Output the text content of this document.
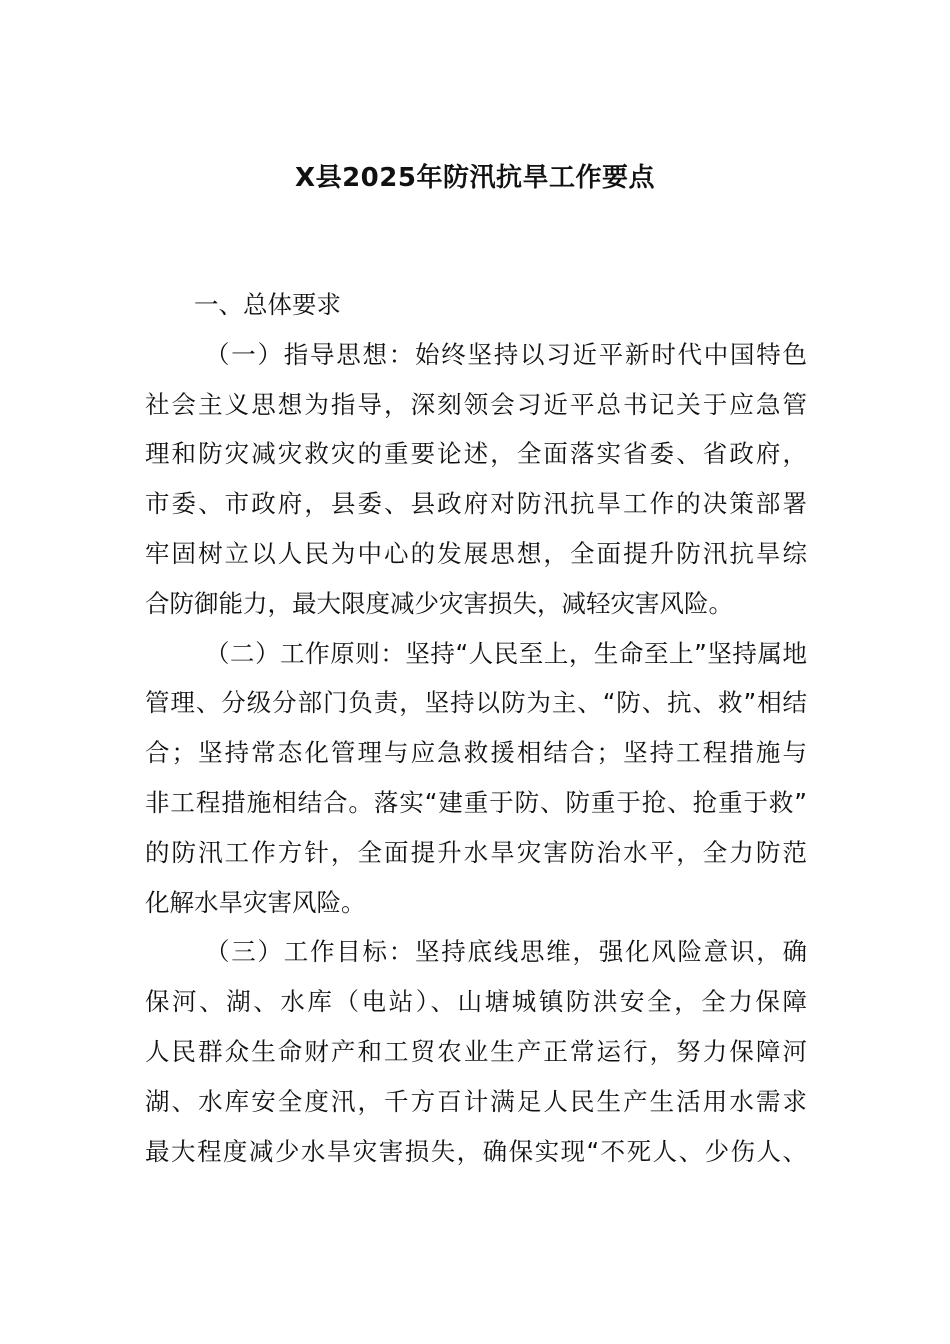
X县2025年防汛抗旱工作要点

一、总体要求

（一）指导思想：始终坚持以习近平新时代中国特色
社会主义思想为指导，深刻领会习近平总书记关于应急管
理和防灾减灾救灾的重要论述，全面落实省委、省政府，
市委、市政府，县委、县政府对防汛抗旱工作的决策部署
牢固树立以人民为中心的发展思想，全面提升防汛抗旱综
合防御能力，最大限度减少灾害损失，减轻灾害风险。
（二）工作原则：坚持“人民至上，生命至上”坚持属地
管理、分级分部门负责，坚持以防为主、“防、抗、救”相结
合；坚持常态化管理与应急救援相结合；坚持工程措施与
非工程措施相结合。落实“建重于防、防重于抢、抢重于救”
的防汛工作方针，全面提升水旱灾害防治水平，全力防范
化解水旱灾害风险。
（三）工作目标：坚持底线思维，强化风险意识，确
保河、湖、水库（电站）、山塘城镇防洪安全，全力保障
人民群众生命财产和工贸农业生产正常运行，努力保障河
湖、水库安全度汛，千方百计满足人民生产生活用水需求
最大程度减少水旱灾害损失，确保实现“不死人、少伤人、
